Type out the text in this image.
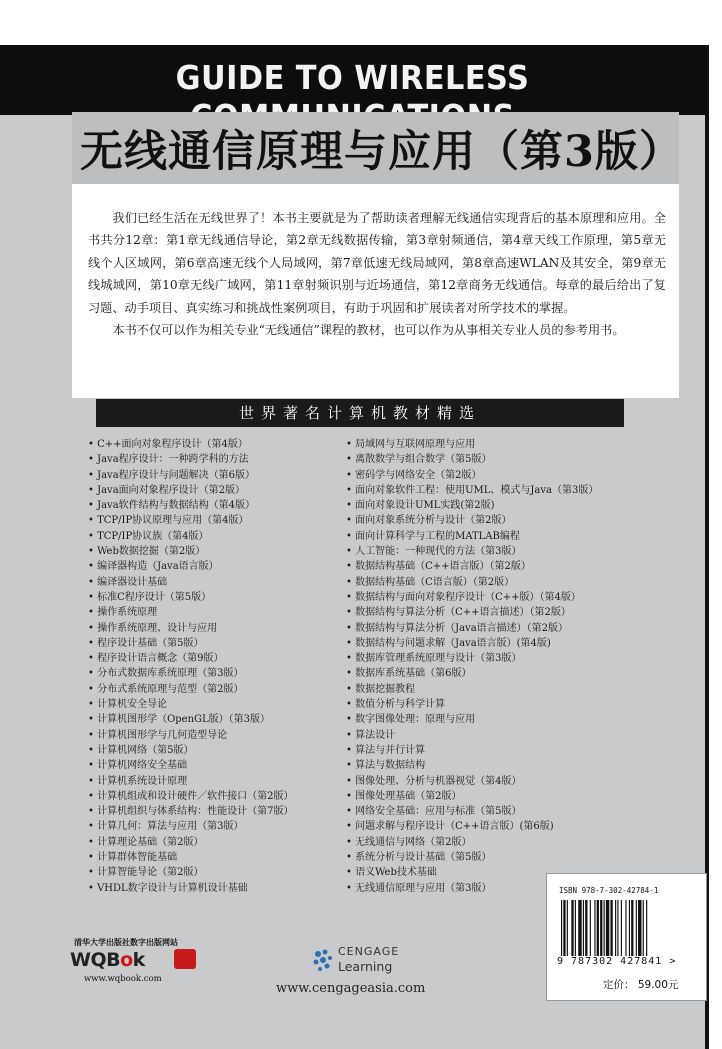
GUIDE TO WIRELESS
无线通信原理与应用（第3版）

我们已经生活在无线世界了！本书主要就是为了帮助读者理解无线通信实现背后的基本原理和应用。全书共分12章：第1章无线通信导论，第2章无线数据传输，第3章射频通信，第4章天线工作原理，第5章无线个人区域网，第6章高速无线个人局域网，第7章低速无线局域网，第8章高速WLAN及其安全，第9章无线城域网，第10章无线广域网，第11章射频识别与近场通信，第12章商务无线通信。每章的最后给出了复习题、动手项目、真实练习和挑战性案例项目，有助于巩固和扩展读者对所学技术的掌握。

本书不仅可以作为相关专业“无线通信”课程的教材，也可以作为从事相关专业人员的参考用书。

世界著名计算机教材精选
• C++面向对象程序设计（第4版）
• Java程序设计：一种跨学科的方法
• Java程序设计与问题解决（第6版）
• Java面向对象程序设计（第2版）
• Java软件结构与数据结构（第4版）
• TCP/IP协议原理与应用（第4版）
• TCP/IP协议族（第4版）
• Web数据挖掘（第2版）
• 编译器构造（Java语言版）
• 编译器设计基础
• 标准C程序设计（第5版）
• 操作系统原理
• 操作系统原理、设计与应用
• 程序设计基础（第5版）
• 程序设计语言概念（第9版）
• 分布式数据库系统原理（第3版）
• 分布式系统原理与范型（第2版）
• 计算机安全导论
• 计算机图形学（OpenGL版）（第3版）
• 计算机图形学与几何造型导论
• 计算机网络（第5版）
• 计算机网络安全基础
• 计算机系统设计原理
• 计算机组成和设计硬件／软件接口（第2版）
• 计算机组织与体系结构：性能设计（第7版）
• 计算几何：算法与应用（第3版）
• 计算理论基础（第2版）
• 计算群体智能基础
• 计算智能导论（第2版）
• VHDL数字设计与计算机设计基础
• 局域网与互联网原理与应用
• 离散数学与组合数学（第5版）
• 密码学与网络安全（第2版）
• 面向对象软件工程：使用UML、模式与Java（第3版）
• 面向对象设计UML实践(第2版)
• 面向对象系统分析与设计（第2版）
• 面向计算科学与工程的MATLAB编程
• 人工智能：一种现代的方法（第3版）
• 数据结构基础（C++语言版）（第2版）
• 数据结构基础（C语言版）（第2版）
• 数据结构与面向对象程序设计（C++版）（第4版）
• 数据结构与算法分析（C++语言描述）（第2版）
• 数据结构与算法分析（Java语言描述）（第2版）
• 数据结构与问题求解（Java语言版）(第4版)
• 数据库管理系统原理与设计（第3版）
• 数据库系统基础（第6版）
• 数据挖掘教程
• 数值分析与科学计算
• 数字图像处理：原理与应用
• 算法设计
• 算法与并行计算
• 算法与数据结构
• 图像处理、分析与机器视觉（第4版）
• 图像处理基础（第2版）
• 网络安全基础：应用与标准（第5版）
• 问题求解与程序设计（C++语言版）(第6版)
• 无线通信与网络（第2版）
• 系统分析与设计基础（第5版）
• 语义Web技术基础
• 无线通信原理与应用（第3版）	ISBN 978-7-302-42784-1
9 787302 427841 >
定价： 59.00元
清华大学出版社数字出版网站
WQBok
www.wqbook.com
CENGAGE
Learning
www.cengageasia.com
